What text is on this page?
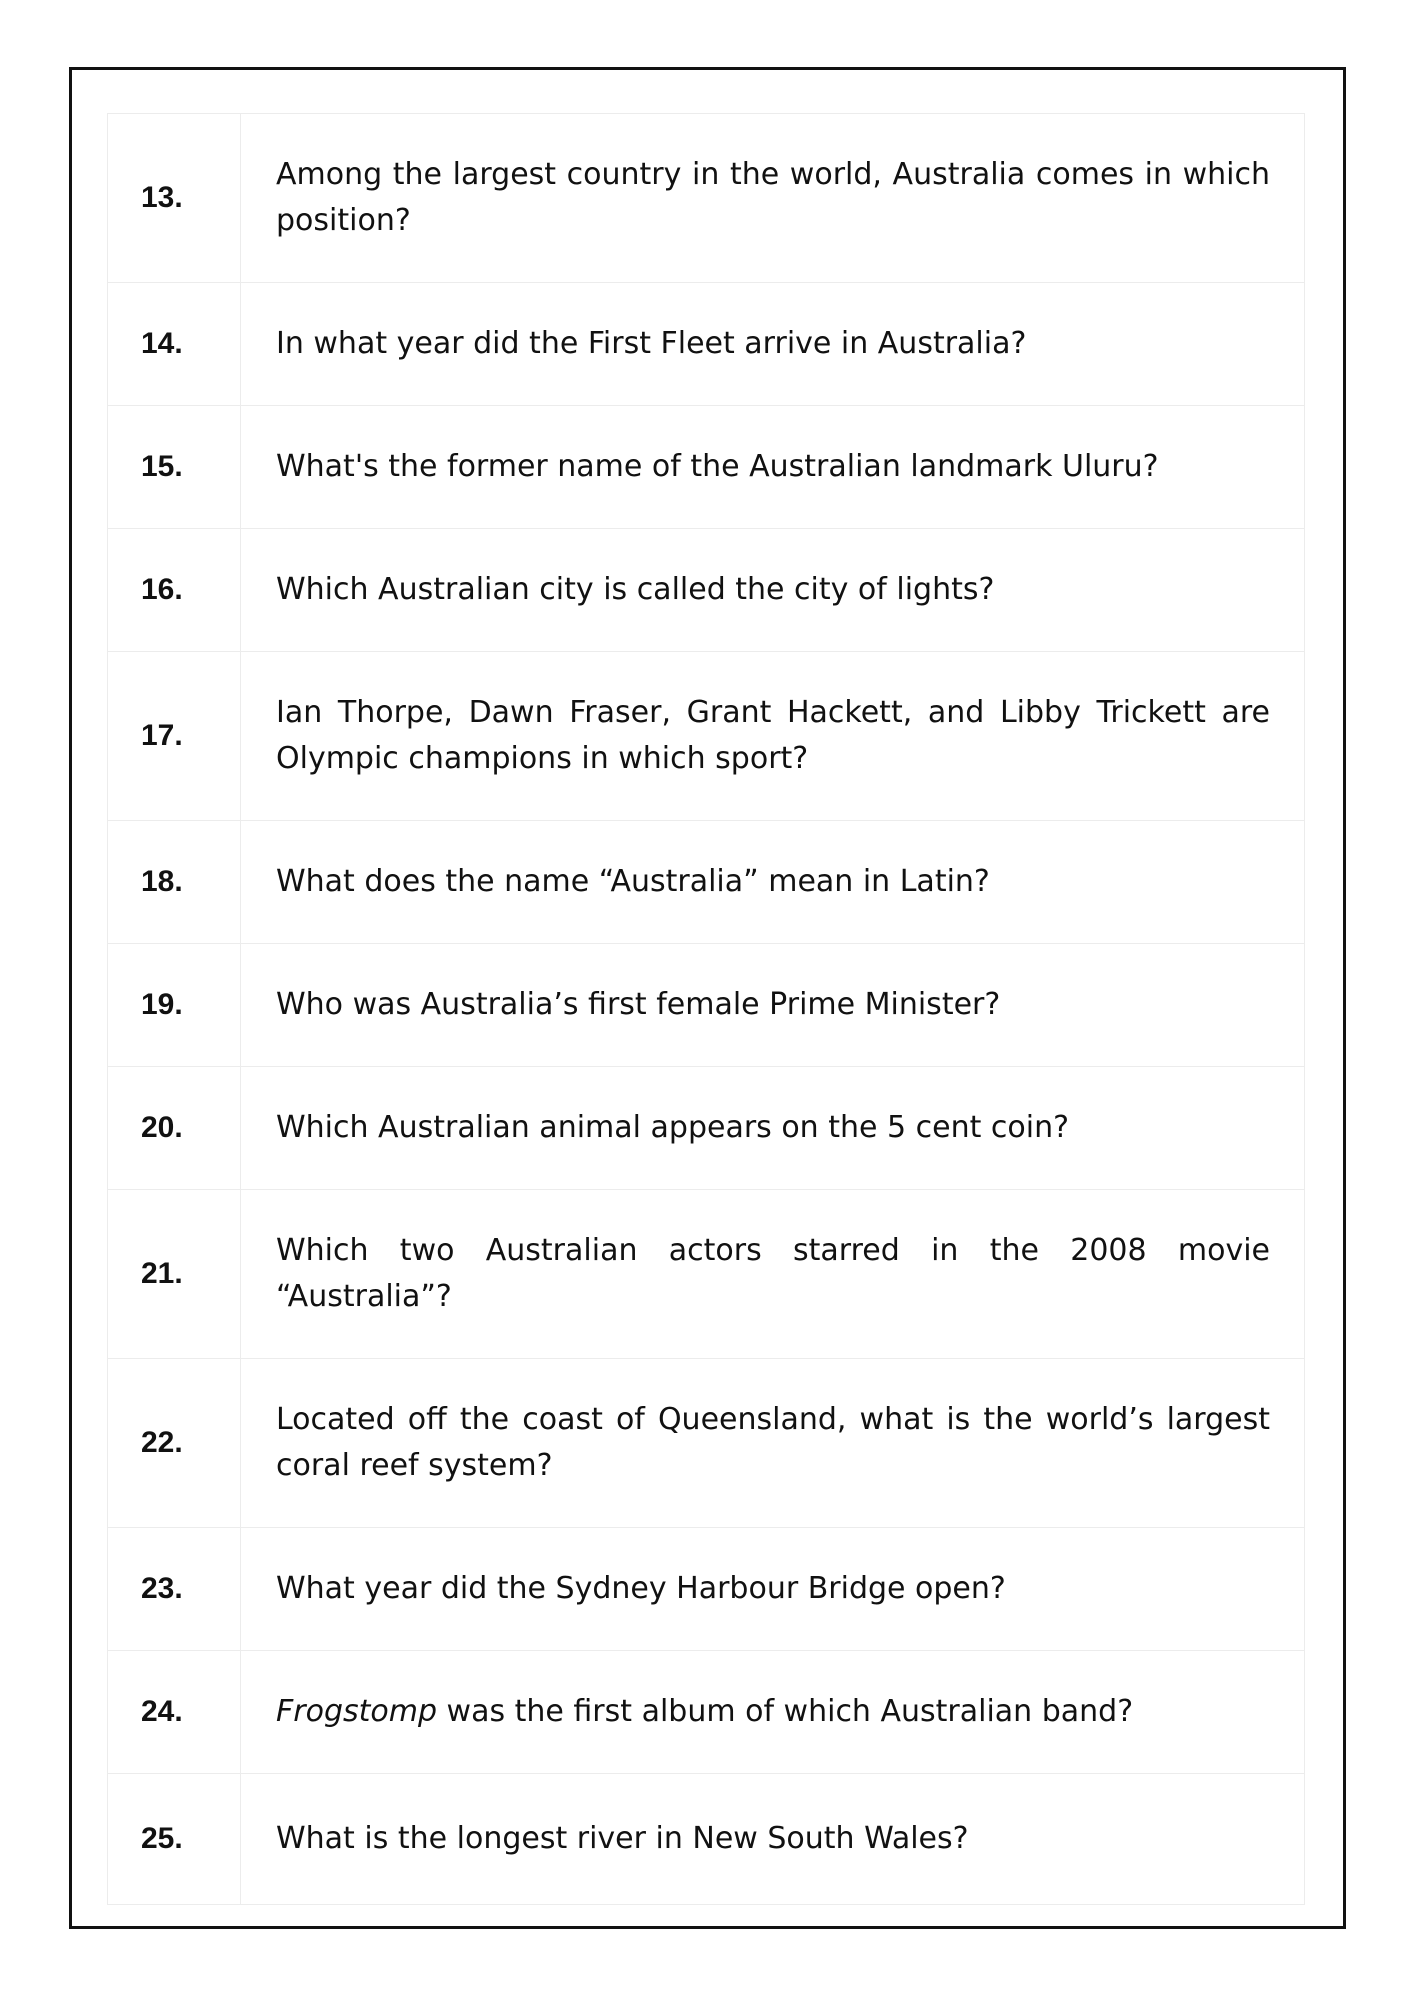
13.	Among the largest country in the world, Australia comes in which position?
14.	In what year did the First Fleet arrive in Australia?
15.	What's the former name of the Australian landmark Uluru?
16.	Which Australian city is called the city of lights?
17.	Ian Thorpe, Dawn Fraser, Grant Hackett, and Libby Trickett are Olympic champions in which sport?
18.	What does the name “Australia” mean in Latin?
19.	Who was Australia’s first female Prime Minister?
20.	Which Australian animal appears on the 5 cent coin?
21.	Which two Australian actors starred in the 2008 movie “Australia”?
22.	Located off the coast of Queensland, what is the world’s largest coral reef system?
23.	What year did the Sydney Harbour Bridge open?
24.	Frogstomp was the first album of which Australian band?
25.	What is the longest river in New South Wales?
